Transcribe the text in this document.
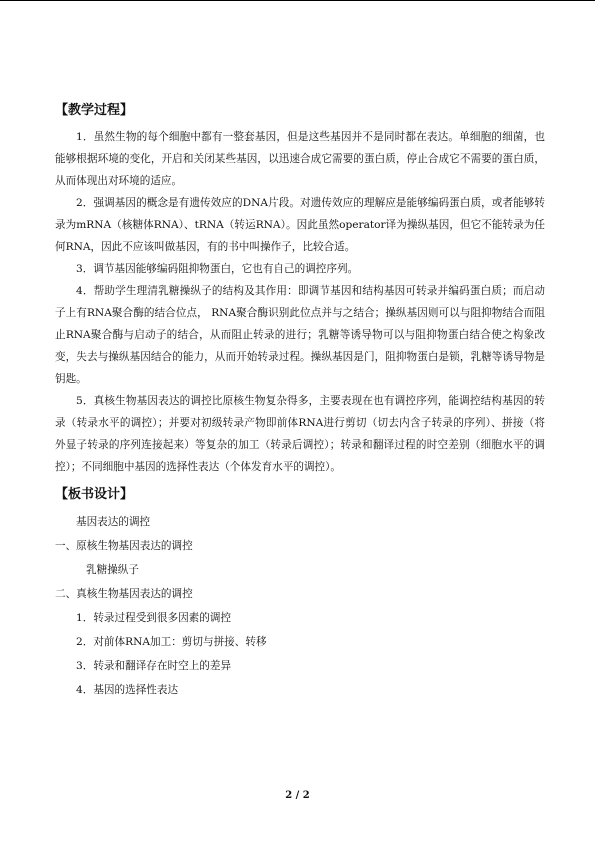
【教学过程】

1．虽然生物的每个细胞中都有一整套基因，但是这些基因并不是同时都在表达。单细胞的细菌，也能够根据环境的变化，开启和关闭某些基因，以迅速合成它需要的蛋白质，停止合成它不需要的蛋白质，从而体现出对环境的适应。

2．强调基因的概念是有遗传效应的DNA片段。对遗传效应的理解应是能够编码蛋白质，或者能够转录为mRNA（核糖体RNA）、tRNA（转运RNA）。因此虽然operator译为操纵基因，但它不能转录为任何RNA，因此不应该叫做基因，有的书中叫操作子，比较合适。

3．调节基因能够编码阻抑物蛋白，它也有自己的调控序列。

4．帮助学生理清乳糖操纵子的结构及其作用：即调节基因和结构基因可转录并编码蛋白质；而启动子上有RNA聚合酶的结合位点， RNA聚合酶识别此位点并与之结合；操纵基因则可以与阻抑物结合而阻止RNA聚合酶与启动子的结合，从而阻止转录的进行；乳糖等诱导物可以与阻抑物蛋白结合使之构象改变，失去与操纵基因结合的能力，从而开始转录过程。操纵基因是门，阻抑物蛋白是锁，乳糖等诱导物是钥匙。

5．真核生物基因表达的调控比原核生物复杂得多，主要表现在也有调控序列，能调控结构基因的转录（转录水平的调控）；并要对初级转录产物即前体RNA进行剪切（切去内含子转录的序列）、拼接（将外显子转录的序列连接起来）等复杂的加工（转录后调控）；转录和翻译过程的时空差别（细胞水平的调控）；不同细胞中基因的选择性表达（个体发育水平的调控）。

【板书设计】
基因表达的调控
一、原核生物基因表达的调控
乳糖操纵子
二、真核生物基因表达的调控
1．转录过程受到很多因素的调控
2．对前体RNA加工：剪切与拼接、转移
3．转录和翻译存在时空上的差异
4．基因的选择性表达
2 / 2
